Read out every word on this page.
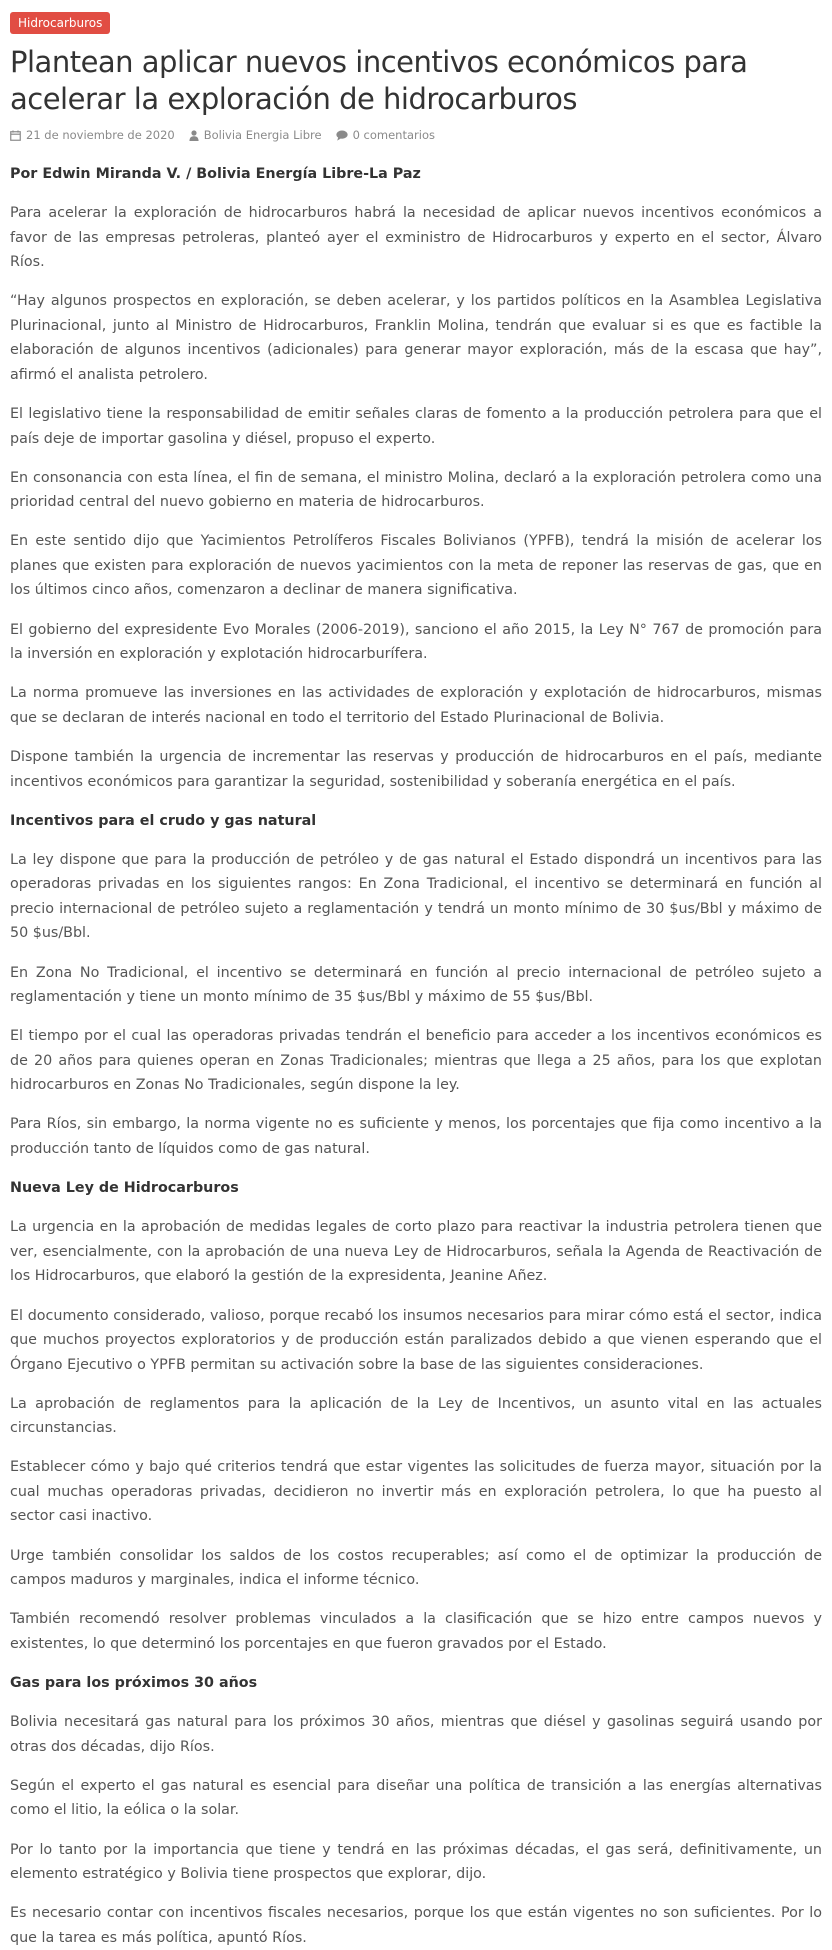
Hidrocarburos
Plantean aplicar nuevos incentivos económicos para acelerar la exploración de hidrocarburos
21 de noviembre de 2020	Bolivia Energia Libre	0 comentarios

Por Edwin Miranda V. / Bolivia Energía Libre-La Paz

Para acelerar la exploración de hidrocarburos habrá la necesidad de aplicar nuevos incentivos económicos a favor de las empresas petroleras, planteó ayer el exministro de Hidrocarburos y experto en el sector, Álvaro Ríos.

“Hay algunos prospectos en exploración, se deben acelerar, y los partidos políticos en la Asamblea Legislativa Plurinacional, junto al Ministro de Hidrocarburos, Franklin Molina, tendrán que evaluar si es que es factible la elaboración de algunos incentivos (adicionales) para generar mayor exploración, más de la escasa que hay”, afirmó el analista petrolero.

El legislativo tiene la responsabilidad de emitir señales claras de fomento a la producción petrolera para que el país deje de importar gasolina y diésel, propuso el experto.

En consonancia con esta línea, el fin de semana, el ministro Molina, declaró a la exploración petrolera como una prioridad central del nuevo gobierno en materia de hidrocarburos.

En este sentido dijo que Yacimientos Petrolíferos Fiscales Bolivianos (YPFB), tendrá la misión de acelerar los planes que existen para exploración de nuevos yacimientos con la meta de reponer las reservas de gas, que en los últimos cinco años, comenzaron a declinar de manera significativa.

El gobierno del expresidente Evo Morales (2006-2019), sanciono el año 2015, la Ley N° 767 de promoción para la inversión en exploración y explotación hidrocarburífera.

La norma promueve las inversiones en las actividades de exploración y explotación de hidrocarburos, mismas que se declaran de interés nacional en todo el territorio del Estado Plurinacional de Bolivia.

Dispone también la urgencia de incrementar las reservas y producción de hidrocarburos en el país, mediante incentivos económicos para garantizar la seguridad, sostenibilidad y soberanía energética en el país.

Incentivos para el crudo y gas natural

La ley dispone que para la producción de petróleo y de gas natural el Estado dispondrá un incentivos para las operadoras privadas en los siguientes rangos: En Zona Tradicional, el incentivo se determinará en función al precio internacional de petróleo sujeto a reglamentación y tendrá un monto mínimo de 30 $us/Bbl y máximo de 50 $us/Bbl.

En Zona No Tradicional, el incentivo se determinará en función al precio internacional de petróleo sujeto a reglamentación y tiene un monto mínimo de 35 $us/Bbl y máximo de 55 $us/Bbl.

El tiempo por el cual las operadoras privadas tendrán el beneficio para acceder a los incentivos económicos es de 20 años para quienes operan en Zonas Tradicionales; mientras que llega a 25 años, para los que explotan hidrocarburos en Zonas No Tradicionales, según dispone la ley.

Para Ríos, sin embargo, la norma vigente no es suficiente y menos, los porcentajes que fija como incentivo a la producción tanto de líquidos como de gas natural.

Nueva Ley de Hidrocarburos

La urgencia en la aprobación de medidas legales de corto plazo para reactivar la industria petrolera tienen que ver, esencialmente, con la aprobación de una nueva Ley de Hidrocarburos, señala la Agenda de Reactivación de los Hidrocarburos, que elaboró la gestión de la expresidenta, Jeanine Añez.

El documento considerado, valioso, porque recabó los insumos necesarios para mirar cómo está el sector, indica que muchos proyectos exploratorios y de producción están paralizados debido a que vienen esperando que el Órgano Ejecutivo o YPFB permitan su activación sobre la base de las siguientes consideraciones.

La aprobación de reglamentos para la aplicación de la Ley de Incentivos, un asunto vital en las actuales circunstancias.

Establecer cómo y bajo qué criterios tendrá que estar vigentes las solicitudes de fuerza mayor, situación por la cual muchas operadoras privadas, decidieron no invertir más en exploración petrolera, lo que ha puesto al sector casi inactivo.

Urge también consolidar los saldos de los costos recuperables; así como el de optimizar la producción de campos maduros y marginales, indica el informe técnico.

También recomendó resolver problemas vinculados a la clasificación que se hizo entre campos nuevos y existentes, lo que determinó los porcentajes en que fueron gravados por el Estado.

Gas para los próximos 30 años

Bolivia necesitará gas natural para los próximos 30 años, mientras que diésel y gasolinas seguirá usando por otras dos décadas, dijo Ríos.

Según el experto el gas natural es esencial para diseñar una política de transición a las energías alternativas como el litio, la eólica o la solar.

Por lo tanto por la importancia que tiene y tendrá en las próximas décadas, el gas será, definitivamente, un elemento estratégico y Bolivia tiene prospectos que explorar, dijo.

Es necesario contar con incentivos fiscales necesarios, porque los que están vigentes no son suficientes. Por lo que la tarea es más política, apuntó Ríos.
